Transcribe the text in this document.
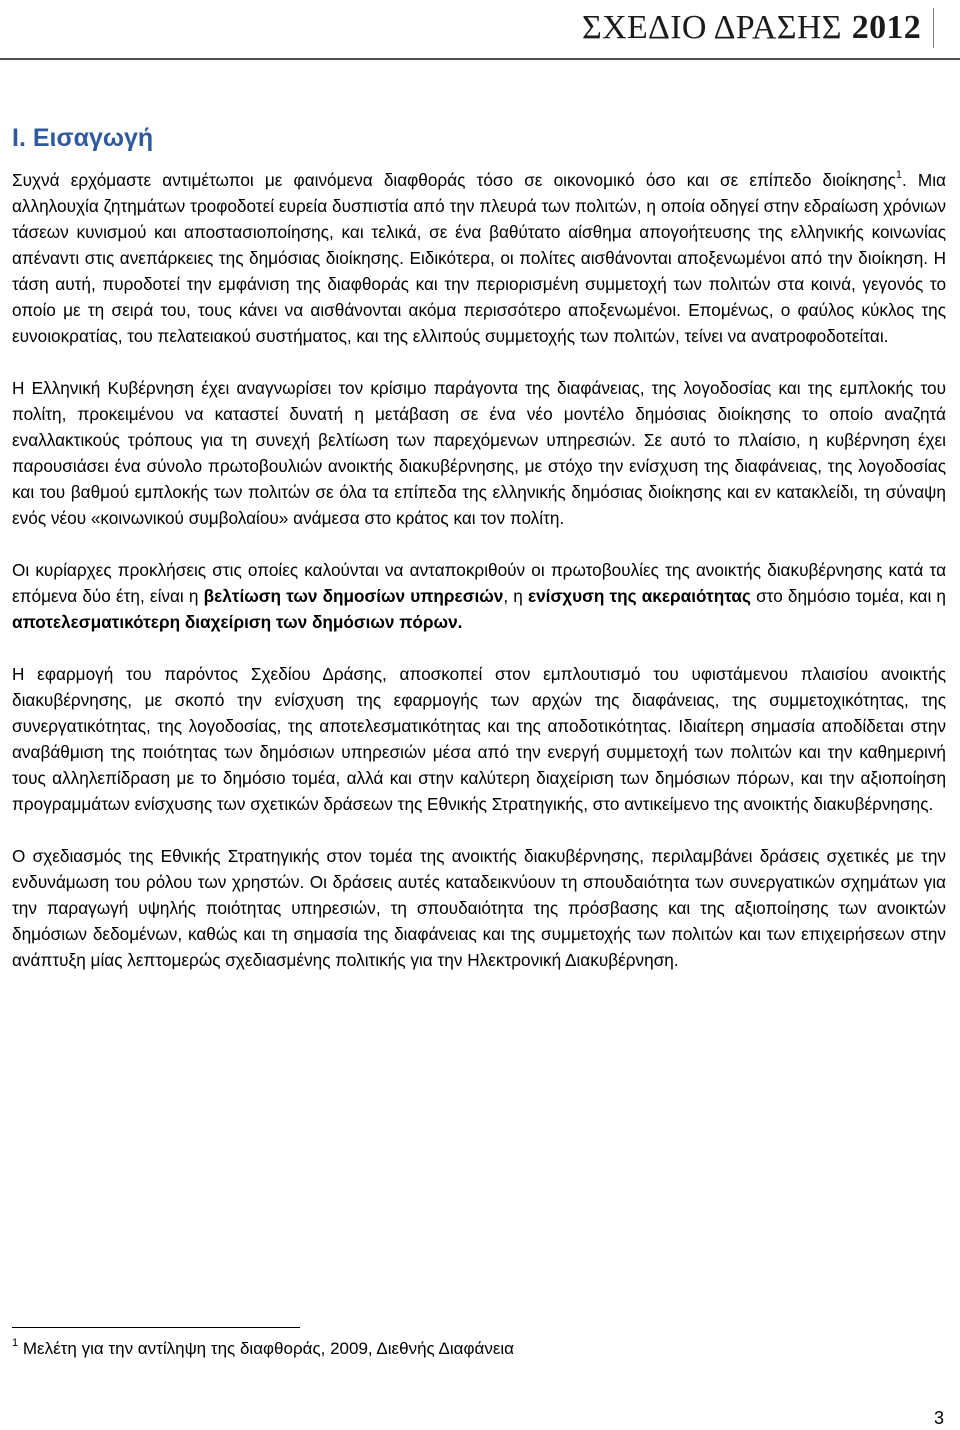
ΣΧΕΔΙΟ ΔΡΑΣΗΣ 2012
Ι. Εισαγωγή

Συχνά ερχόμαστε αντιμέτωποι με φαινόμενα διαφθοράς τόσο σε οικονομικό όσο και σε επίπεδο διοίκησης$^1$. Μια αλληλουχία ζητημάτων τροφοδοτεί ευρεία δυσπιστία από την πλευρά των πολιτών, η οποία οδηγεί στην εδραίωση χρόνιων τάσεων κυνισμού και αποστασιοποίησης, και τελικά, σε ένα βαθύτατο αίσθημα απογοήτευσης της ελληνικής κοινωνίας απέναντι στις ανεπάρκειες της δημόσιας διοίκησης. Ειδικότερα, οι πολίτες αισθάνονται αποξενωμένοι από την διοίκηση. Η τάση αυτή, πυροδοτεί την εμφάνιση της διαφθοράς και την περιορισμένη συμμετοχή των πολιτών στα κοινά, γεγονός το οποίο με τη σειρά του, τους κάνει να αισθάνονται ακόμα περισσότερο αποξενωμένοι. Επομένως, ο φαύλος κύκλος της ευνοιοκρατίας, του πελατειακού συστήματος, και της ελλιπούς συμμετοχής των πολιτών, τείνει να ανατροφοδοτείται.

Η Ελληνική Κυβέρνηση έχει αναγνωρίσει τον κρίσιμο παράγοντα της διαφάνειας, της λογοδοσίας και της εμπλοκής του πολίτη, προκειμένου να καταστεί δυνατή η μετάβαση σε ένα νέο μοντέλο δημόσιας διοίκησης το οποίο αναζητά εναλλακτικούς τρόπους για τη συνεχή βελτίωση των παρεχόμενων υπηρεσιών. Σε αυτό το πλαίσιο, η κυβέρνηση έχει παρουσιάσει ένα σύνολο πρωτοβουλιών ανοικτής διακυβέρνησης, με στόχο την ενίσχυση της διαφάνειας, της λογοδοσίας και του βαθμού εμπλοκής των πολιτών σε όλα τα επίπεδα της ελληνικής δημόσιας διοίκησης και εν κατακλείδι, τη σύναψη ενός νέου «κοινωνικού συμβολαίου» ανάμεσα στο κράτος και τον πολίτη.

Οι κυρίαρχες προκλήσεις στις οποίες καλούνται να ανταποκριθούν οι πρωτοβουλίες της ανοικτής διακυβέρνησης κατά τα επόμενα δύο έτη, είναι η βελτίωση των δημοσίων υπηρεσιών, η ενίσχυση της ακεραιότητας στο δημόσιο τομέα, και η αποτελεσματικότερη διαχείριση των δημόσιων πόρων.

Η εφαρμογή του παρόντος Σχεδίου Δράσης, αποσκοπεί στον εμπλουτισμό του υφιστάμενου πλαισίου ανοικτής διακυβέρνησης, με σκοπό την ενίσχυση της εφαρμογής των αρχών της διαφάνειας, της συμμετοχικότητας, της συνεργατικότητας, της λογοδοσίας, της αποτελεσματικότητας και της αποδοτικότητας. Ιδιαίτερη σημασία αποδίδεται στην αναβάθμιση της ποιότητας των δημόσιων υπηρεσιών μέσα από την ενεργή συμμετοχή των πολιτών και την καθημερινή τους αλληλεπίδραση με το δημόσιο τομέα, αλλά και στην καλύτερη διαχείριση των δημόσιων πόρων, και την αξιοποίηση προγραμμάτων ενίσχυσης των σχετικών δράσεων της Εθνικής Στρατηγικής, στο αντικείμενο της ανοικτής διακυβέρνησης.

Ο σχεδιασμός της Εθνικής Στρατηγικής στον τομέα της ανοικτής διακυβέρνησης, περιλαμβάνει δράσεις σχετικές με την ενδυνάμωση του ρόλου των χρηστών. Οι δράσεις αυτές καταδεικνύουν τη σπουδαιότητα των συνεργατικών σχημάτων για την παραγωγή υψηλής ποιότητας υπηρεσιών, τη σπουδαιότητα της πρόσβασης και της αξιοποίησης των ανοικτών δημόσιων δεδομένων, καθώς και τη σημασία της διαφάνειας και της συμμετοχής των πολιτών και των επιχειρήσεων στην ανάπτυξη μίας λεπτομερώς σχεδιασμένης πολιτικής για την Ηλεκτρονική Διακυβέρνηση.

$^1$ Μελέτη για την αντίληψη της διαφθοράς, 2009, Διεθνής Διαφάνεια
3
